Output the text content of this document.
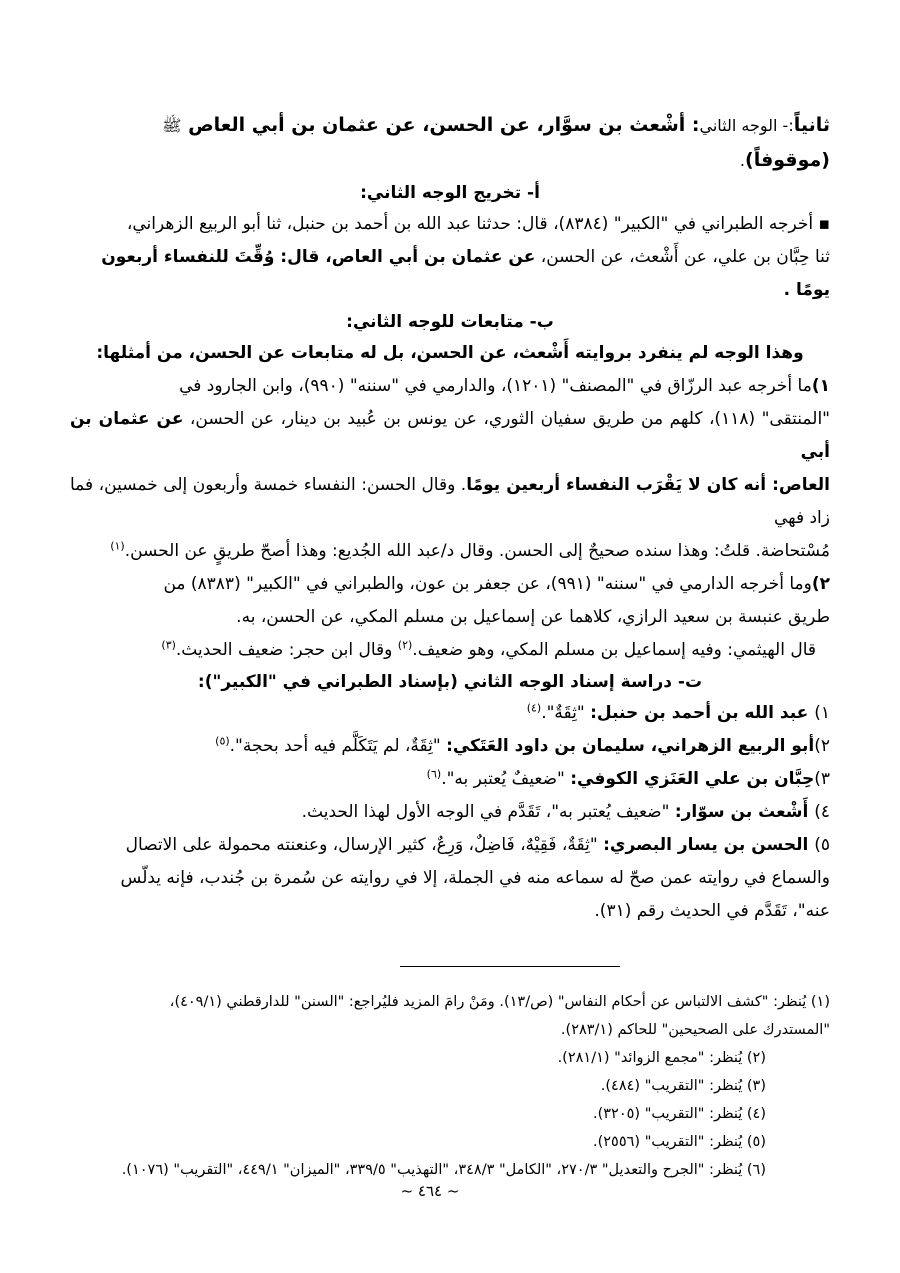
ثانياً:- الوجه الثاني: أشْعث بن سوَّار، عن الحسن، عن عثمان بن أبي العاص ﷺ (موقوفاً).

أ- تخريج الوجه الثاني:

▪ أخرجه الطبراني في "الكبير" (٨٣٨٤)، قال: حدثنا عبد الله بن أحمد بن حنبل، ثنا أبو الربيع الزهراني،

ثنا حِبَّان بن علي، عن أَشْعث، عن الحسن، عن عثمان بن أبي العاص، قال: وُقِّتَ للنفساء أربعون يومًا .

ب- متابعات للوجه الثاني:

وهذا الوجه لم ينفرد بروايته أَشْعث، عن الحسن، بل له متابعات عن الحسن، من أمثلها:

١)ما أخرجه عبد الرزّاق في "المصنف" (١٢٠١)، والدارمي في "سننه" (٩٩٠)، وابن الجارود في

"المنتقى" (١١٨)، كلهم من طريق سفيان الثوري، عن يونس بن عُبيد بن دينار، عن الحسن، عن عثمان بن أبي

العاص: أنه كان لا يَقْرَب النفساء أربعين يومًا. وقال الحسن: النفساء خمسة وأربعون إلى خمسين، فما زاد فهي

مُسْتحاضة. قلتُ: وهذا سنده صحيحٌ إلى الحسن. وقال د/عبد الله الجُديع: وهذا أصحّ طريقٍ عن الحسن.$^{(١)}$

٢)وما أخرجه الدارمي في "سننه" (٩٩١)، عن جعفر بن عون، والطبراني في "الكبير" (٨٣٨٣) من

طريق عنبسة بن سعيد الرازي، كلاهما عن إسماعيل بن مسلم المكي، عن الحسن، به.

قال الهيثمي: وفيه إسماعيل بن مسلم المكي، وهو ضعيف.$^{(٢)}$ وقال ابن حجر: ضعيف الحديث.$^{(٣)}$

ت- دراسة إسناد الوجه الثاني (بإسناد الطبراني في "الكبير"):

١) عبد الله بن أحمد بن حنبل: "ثِقَةٌ".$^{(٤)}$

٢)أبو الربيع الزهراني، سليمان بن داود العَتَكي: "ثِقَةٌ، لم يَتَكَلَّم فيه أحد بحجة".$^{(٥)}$

٣)حِبَّان بن علي العَنَزي الكوفي: "ضعيفٌ يُعتبر به".$^{(٦)}$

٤) أَشْعث بن سوّار: "ضعيف يُعتبر به"، تَقَدَّم في الوجه الأول لهذا الحديث.

٥) الحسن بن يسار البصري: "ثِقَةٌ، فَقِيْهٌ، فَاضِلٌ، وَرِعٌ، كثير الإرسال، وعنعنته محمولة على الاتصال

والسماع في روايته عمن صحّ له سماعه منه في الجملة، إلا في روايته عن سُمرة بن جُندب، فإنه يدلّس

عنه"، تَقَدَّم في الحديث رقم (٣١).

(١) يُنظر: "كشف الالتباس عن أحكام النفاس" (ص/١٣). ومَنْ رامَ المزيد فليُراجع: "السنن" للدارقطني (٤٠٩/١)،

"المستدرك على الصحيحين" للحاكم (٢٨٣/١).

(٢) يُنظر: "مجمع الزوائد" (٢٨١/١).

(٣) يُنظر: "التقريب" (٤٨٤).

(٤) يُنظر: "التقريب" (٣٢٠٥).

(٥) يُنظر: "التقريب" (٢٥٥٦).

(٦) يُنظر: "الجرح والتعديل" ٢٧٠/٣، "الكامل" ٣٤٨/٣، "التهذيب" ٣٣٩/٥، "الميزان" ٤٤٩/١، "التقريب" (١٠٧٦).

~ ٤٦٤ ~
